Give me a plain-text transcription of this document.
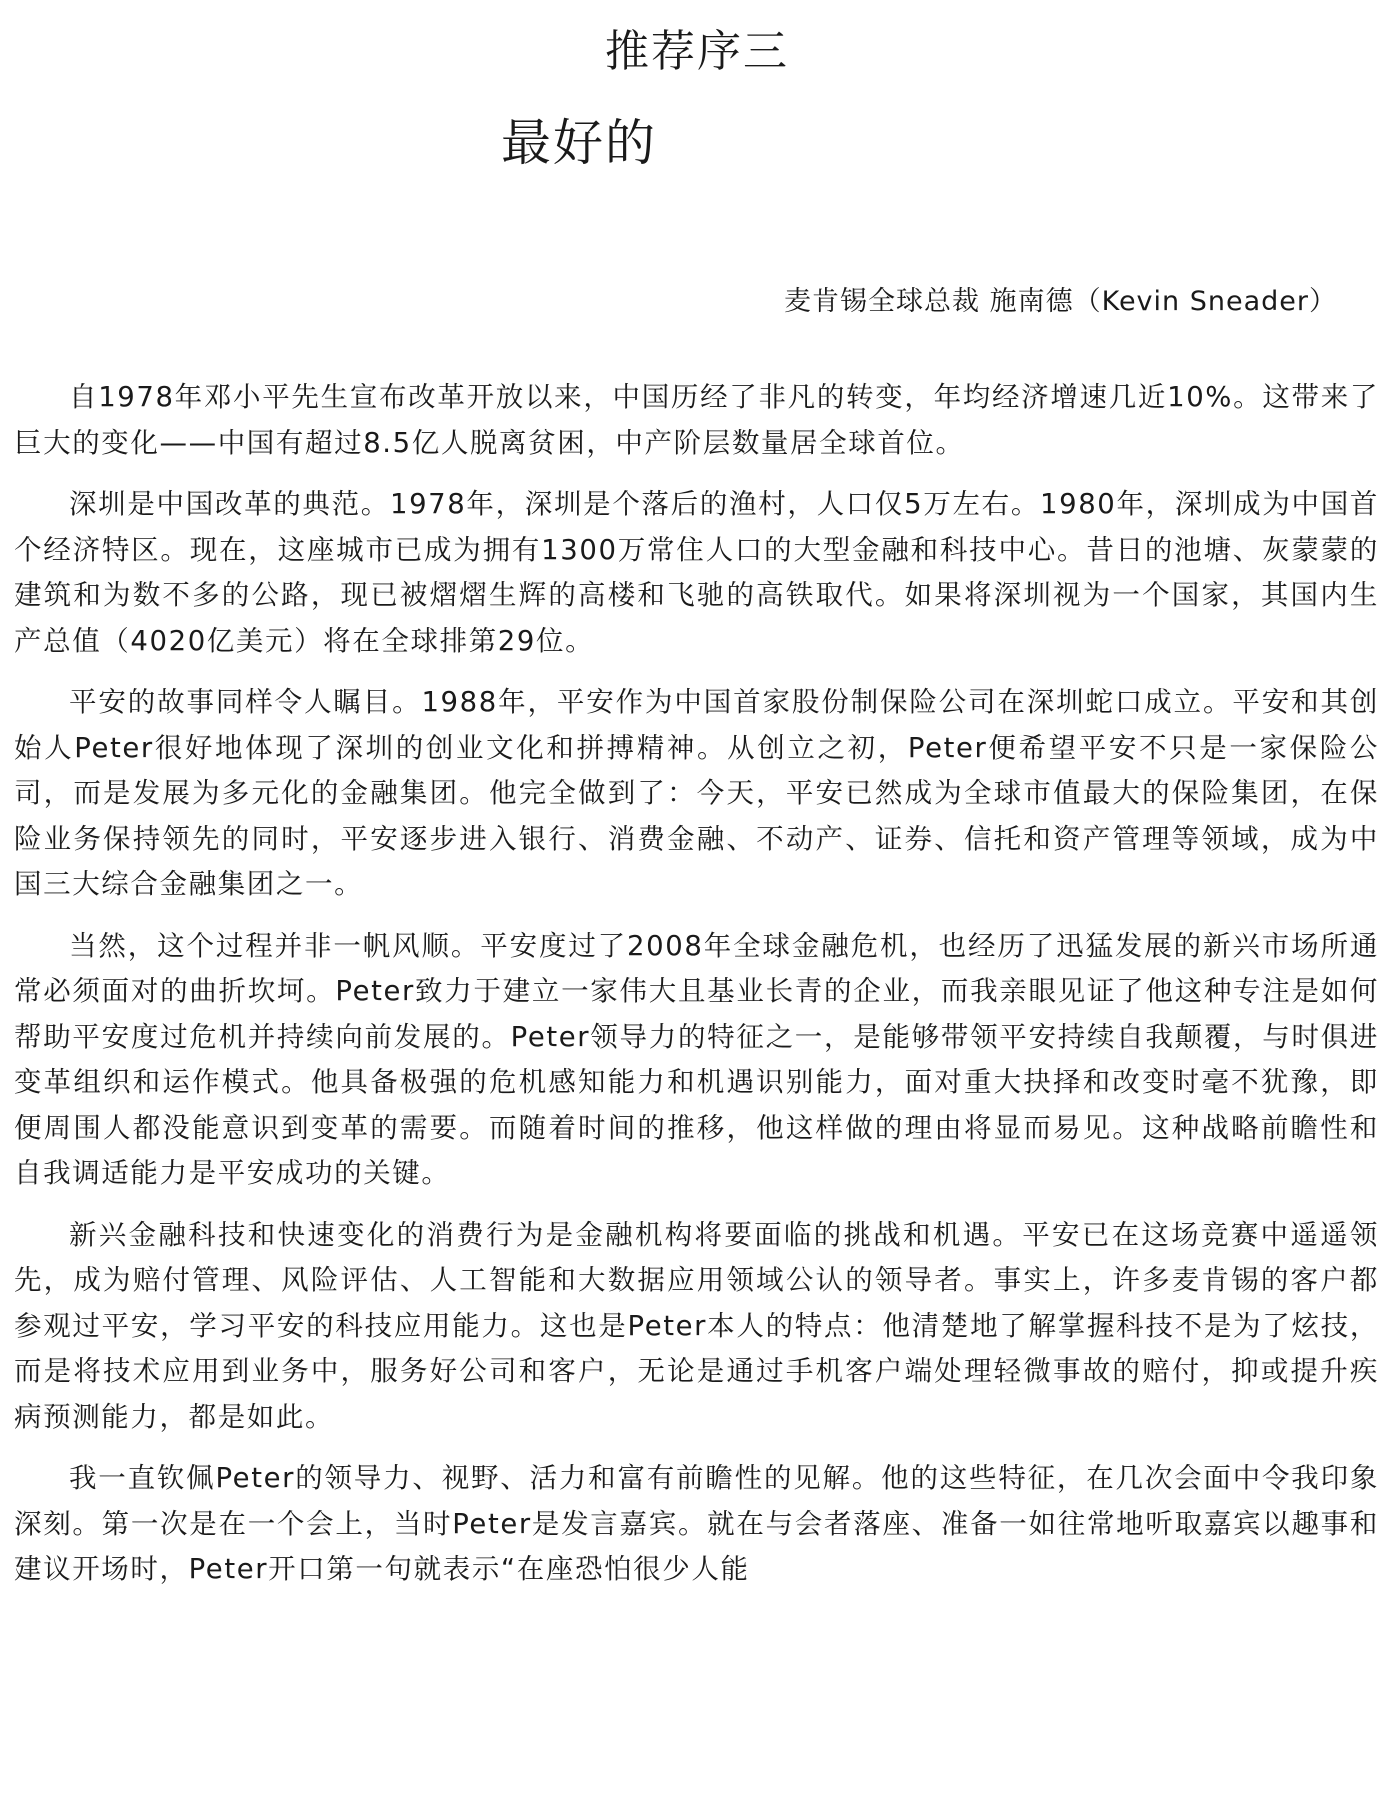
推荐序三
最好的
麦肯锡全球总裁 施南德（Kevin Sneader）

自1978年邓小平先生宣布改革开放以来，中国历经了非凡的转变，年均经济增速几近10%。这带来了巨大的变化——中国有超过8.5亿人脱离贫困，中产阶层数量居全球首位。

深圳是中国改革的典范。1978年，深圳是个落后的渔村，人口仅5万左右。1980年，深圳成为中国首个经济特区。现在，这座城市已成为拥有1300万常住人口的大型金融和科技中心。昔日的池塘、灰蒙蒙的建筑和为数不多的公路，现已被熠熠生辉的高楼和飞驰的高铁取代。如果将深圳视为一个国家，其国内生产总值（4020亿美元）将在全球排第29位。

平安的故事同样令人瞩目。1988年，平安作为中国首家股份制保险公司在深圳蛇口成立。平安和其创始人Peter很好地体现了深圳的创业文化和拼搏精神。从创立之初，Peter便希望平安不只是一家保险公司，而是发展为多元化的金融集团。他完全做到了：今天，平安已然成为全球市值最大的保险集团，在保险业务保持领先的同时，平安逐步进入银行、消费金融、不动产、证券、信托和资产管理等领域，成为中国三大综合金融集团之一。

当然，这个过程并非一帆风顺。平安度过了2008年全球金融危机，也经历了迅猛发展的新兴市场所通常必须面对的曲折坎坷。Peter致力于建立一家伟大且基业长青的企业，而我亲眼见证了他这种专注是如何帮助平安度过危机并持续向前发展的。Peter领导力的特征之一，是能够带领平安持续自我颠覆，与时俱进变革组织和运作模式。他具备极强的危机感知能力和机遇识别能力，面对重大抉择和改变时毫不犹豫，即便周围人都没能意识到变革的需要。而随着时间的推移，他这样做的理由将显而易见。这种战略前瞻性和自我调适能力是平安成功的关键。

新兴金融科技和快速变化的消费行为是金融机构将要面临的挑战和机遇。平安已在这场竞赛中遥遥领先，成为赔付管理、风险评估、人工智能和大数据应用领域公认的领导者。事实上，许多麦肯锡的客户都参观过平安，学习平安的科技应用能力。这也是Peter本人的特点：他清楚地了解掌握科技不是为了炫技，而是将技术应用到业务中，服务好公司和客户，无论是通过手机客户端处理轻微事故的赔付，抑或提升疾病预测能力，都是如此。

我一直钦佩Peter的领导力、视野、活力和富有前瞻性的见解。他的这些特征，在几次会面中令我印象深刻。第一次是在一个会上，当时Peter是发言嘉宾。就在与会者落座、准备一如往常地听取嘉宾以趣事和建议开场时，Peter开口第一句就表示“在座恐怕很少人能
